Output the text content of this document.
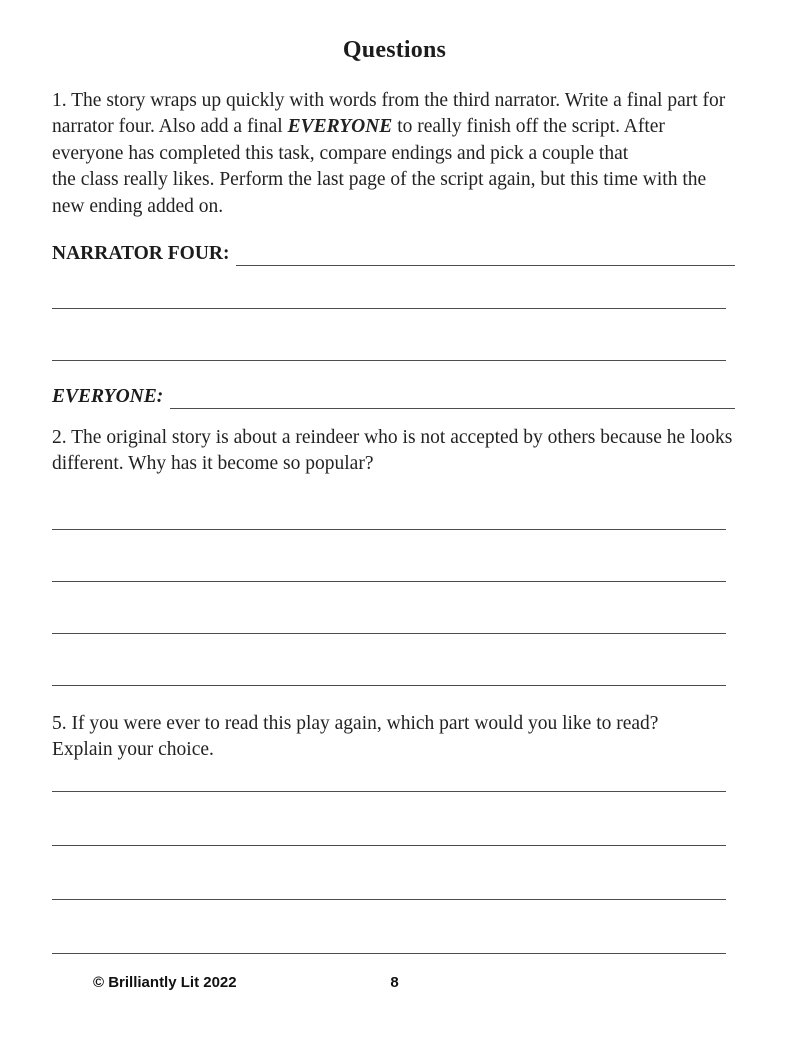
Questions

1. The story wraps up quickly with words from the third narrator. Write a final part for narrator four. Also add a final EVERYONE to really finish off the script. After everyone has completed this task, compare endings and pick a couple that
the class really likes. Perform the last page of the script again, but this time with the new ending added on.

NARRATOR FOUR:
EVERYONE:

2. The original story is about a reindeer who is not accepted by others because he looks different. Why has it become so popular?

5. If you were ever to read this play again, which part would you like to read?
Explain your choice.

© Brilliantly Lit 2022	8
